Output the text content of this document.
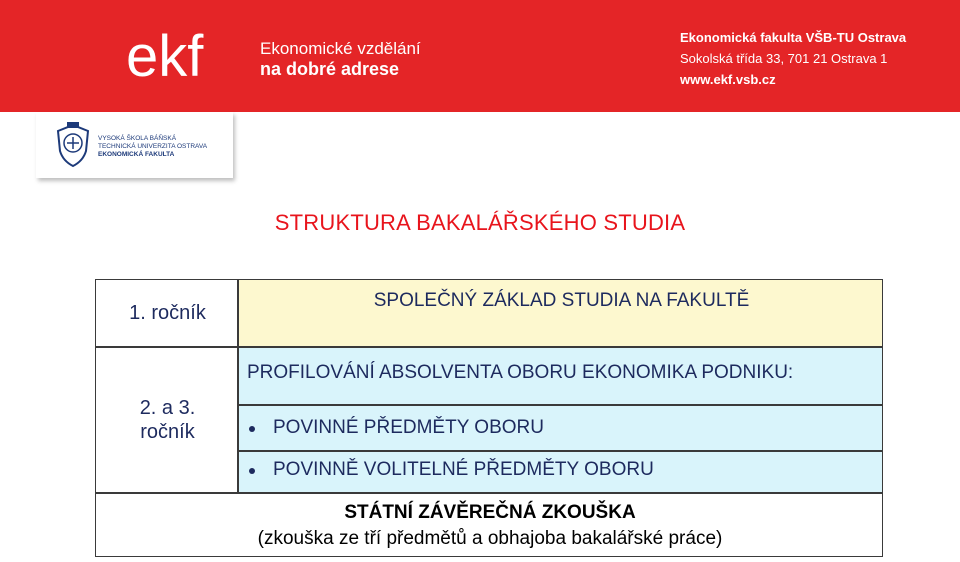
ekf	Ekonomické vzdělání
na dobré adrese
Ekonomická fakulta VŠB-TU Ostrava
Sokolská třída 33, 701 21 Ostrava 1
www.ekf.vsb.cz
VYSOKÁ ŠKOLA BÁŇSKÁ
TECHNICKÁ UNIVERZITA OSTRAVA
EKONOMICKÁ FAKULTA
STRUKTURA BAKALÁŘSKÉHO STUDIA
1. ročník
SPOLEČNÝ ZÁKLAD STUDIA NA FAKULTĚ
2. a 3. ročník
PROFILOVÁNÍ ABSOLVENTA OBORU EKONOMIKA PODNIKU:
POVINNÉ PŘEDMĚTY OBORU
POVINNĚ VOLITELNÉ PŘEDMĚTY OBORU
STÁTNÍ ZÁVĚREČNÁ ZKOUŠKA
(zkouška ze tří předmětů a obhajoba bakalářské práce)
